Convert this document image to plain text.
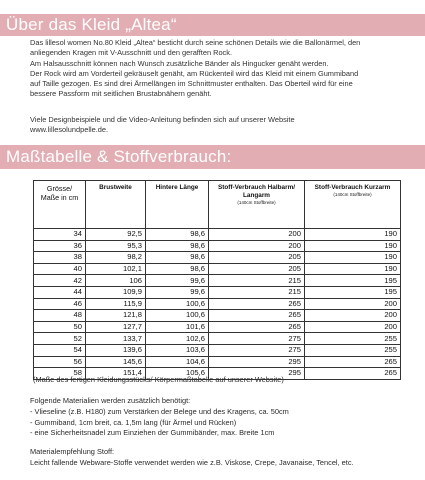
Über das Kleid „Altea“
Das lillesol women No.80 Kleid „Altea“ besticht durch seine schönen Details wie die Ballonärmel, den
anliegenden Kragen mit V-Ausschnitt und den gerafften Rock.
Am Halsausschnitt können nach Wunsch zusätzliche Bänder als Hingucker genäht werden.
Der Rock wird am Vorderteil gekräuselt genäht, am Rückenteil wird das Kleid mit einem Gummiband
auf Taille gezogen. Es sind drei Ärmellängen im Schnittmuster enthalten. Das Oberteil wird für eine
bessere Passform mit seitlichen Brustabnähern genäht.
Viele Designbeispiele und die Video-Anleitung befinden sich auf unserer Website
www.lillesolundpelle.de.
Maßtabelle & Stoffverbrauch:
Grösse/ Maße in cm	Brustweite	Hintere Länge	Stoff-Verbrauch Halbarm/ Langarm
(140cm Stoffbreite)	Stoff-Verbrauch Kurzarm
(140cm Stoffbreite)

34	92,5	98,6	200	190
36	95,3	98,6	200	190
38	98,2	98,6	205	190
40	102,1	98,6	205	190
42	106	99,6	215	195
44	109,9	99,6	215	195
46	115,9	100,6	265	200
48	121,8	100,6	265	200
50	127,7	101,6	265	200
52	133,7	102,6	275	255
54	139,6	103,6	275	255
56	145,6	104,6	295	265
58	151,4	105,6	295	265
(Maße des fertigen Kleidungsstücks/ Körpermaßtabelle auf unserer Website)
Folgende Materialien werden zusätzlich benötigt:
- Vlieseline (z.B. H180) zum Verstärken der Belege und des Kragens, ca. 50cm
- Gummiband, 1cm breit, ca. 1,5m lang (für Ärmel und Rücken)
- eine Sicherheitsnadel zum Einziehen der Gummibänder, max. Breite 1cm
Materialempfehlung Stoff:
Leicht fallende Webware-Stoffe verwendet werden wie z.B. Viskose, Crepe, Javanaise, Tencel, etc.
